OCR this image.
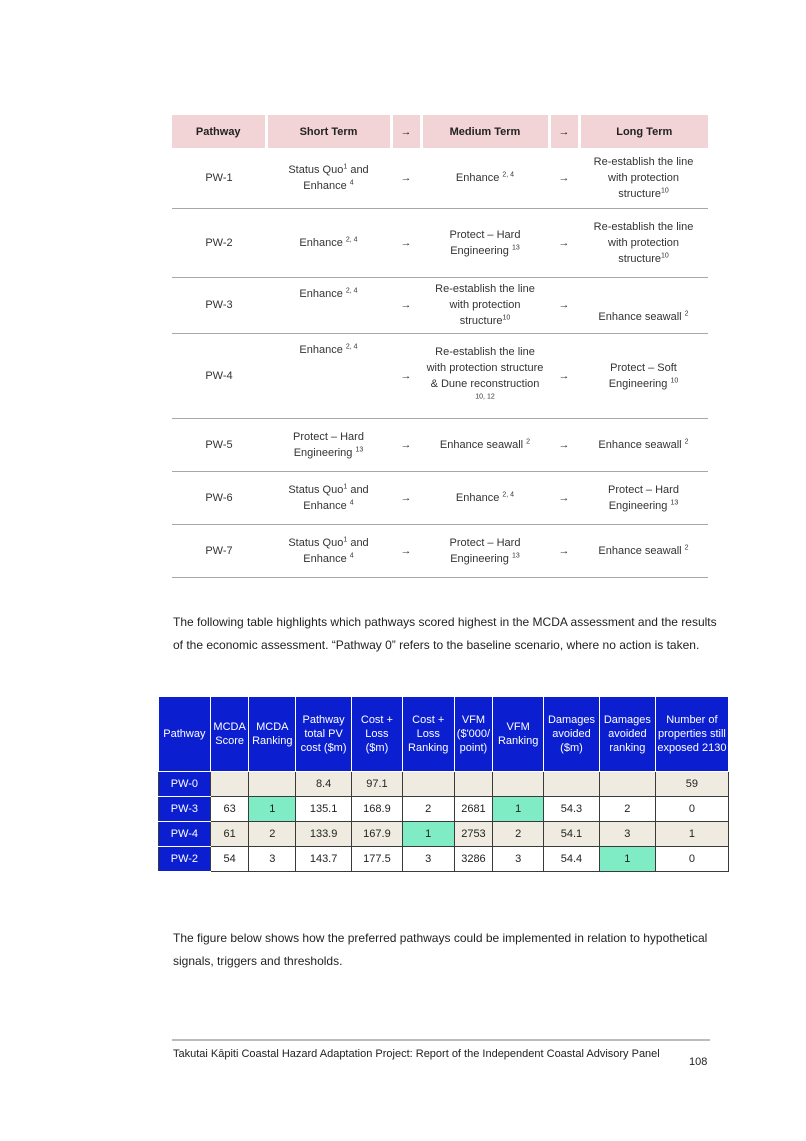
Pathway	Short Term	→	Medium Term	→	Long Term
PW-1	Status Quo$^1$ and Enhance $^4$	→	Enhance $^{2, 4}$	→	Re-establish the line with protection structure$^{10}$
PW-2	Enhance $^{2, 4}$	→	Protect – Hard Engineering $^{13}$	→	Re-establish the line with protection structure$^{10}$
PW-3	Enhance $^{2, 4}$	→	Re-establish the line with protection structure$^{10}$	→	Enhance seawall $^2$
PW-4	Enhance $^{2, 4}$	→	Re-establish the line with protection structure & Dune reconstruction $^{10, 12}$	→	Protect – Soft Engineering $^{10}$
PW-5	Protect – Hard Engineering $^{13}$	→	Enhance seawall $^2$	→	Enhance seawall $^2$
PW-6	Status Quo$^1$ and Enhance $^4$	→	Enhance $^{2, 4}$	→	Protect – Hard Engineering $^{13}$
PW-7	Status Quo$^1$ and Enhance $^4$	→	Protect – Hard Engineering $^{13}$	→	Enhance seawall $^2$

The following table highlights which pathways scored highest in the MCDA assessment and the results of the economic assessment. “Pathway 0” refers to the baseline scenario, where no action is taken.

Pathway	MCDA Score	MCDA Ranking	Pathway total PV cost ($m)	Cost + Loss ($m)	Cost + Loss Ranking	VFM ($'000/ point)	VFM Ranking	Damages avoided ($m)	Damages avoided ranking	Number of properties still exposed 2130
PW-0			8.4	97.1						59
PW-3	63	1	135.1	168.9	2	2681	1	54.3	2	0
PW-4	61	2	133.9	167.9	1	2753	2	54.1	3	1
PW-2	54	3	143.7	177.5	3	3286	3	54.4	1	0

The figure below shows how the preferred pathways could be implemented in relation to hypothetical signals, triggers and thresholds.

Takutai Kāpiti Coastal Hazard Adaptation Project: Report of the Independent Coastal Advisory Panel
108
